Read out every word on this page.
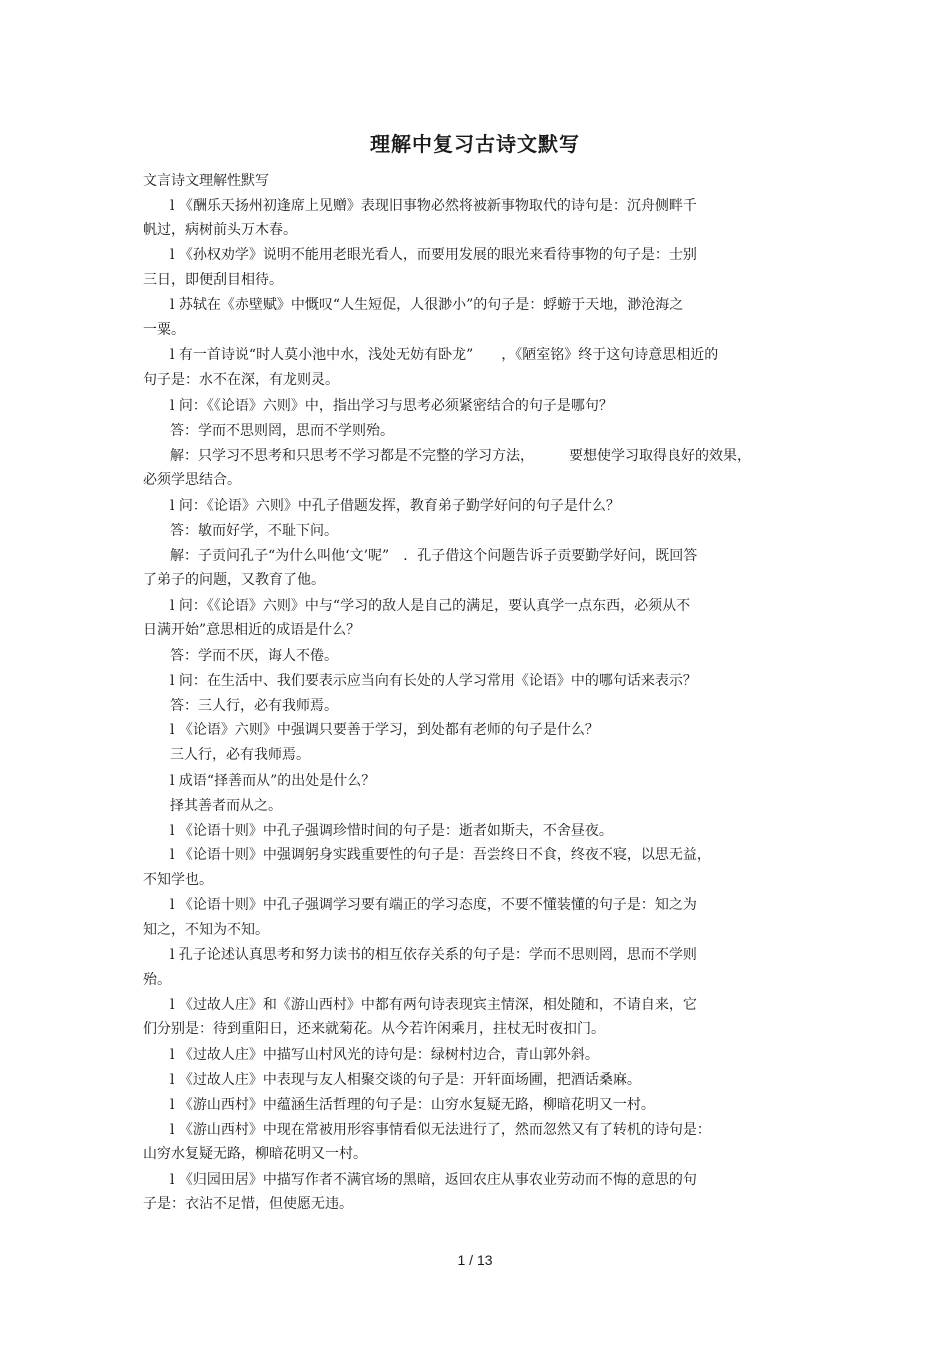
理解中复习古诗文默写
文言诗文理解性默写
l 《酬乐天扬州初逢席上见赠》表现旧事物必然将被新事物取代的诗句是：沉舟侧畔千
帆过，病树前头万木春。
l 《孙权劝学》说明不能用老眼光看人，而要用发展的眼光来看待事物的句子是：士别
三日，即便刮目相待。
l 苏轼在《赤壁赋》中慨叹“人生短促，人很渺小”的句子是：蜉蝣于天地，渺沧海之
一粟。
l 有一首诗说“时人莫小池中水，浅处无妨有卧龙”　　，《陋室铭》终于这句诗意思相近的
句子是：水不在深，有龙则灵。
l 问：《《论语》六则》中，指出学习与思考必须紧密结合的句子是哪句？
答：学而不思则罔，思而不学则殆。
解：只学习不思考和只思考不学习都是不完整的学习方法，　　　要想使学习取得良好的效果，
必须学思结合。
l 问：《论语》六则》中孔子借题发挥，教育弟子勤学好问的句子是什么？
答：敏而好学，不耻下问。
解：子贡问孔子“为什么叫他‘文’呢”　．孔子借这个问题告诉子贡要勤学好问，既回答
了弟子的问题，又教育了他。
l 问：《《论语》六则》中与“学习的敌人是自己的满足，要认真学一点东西，必须从不
日满开始”意思相近的成语是什么？
答：学而不厌，诲人不倦。
l 问：在生活中、我们要表示应当向有长处的人学习常用《论语》中的哪句话来表示？
答：三人行，必有我师焉。
l 《论语》六则》中强调只要善于学习，到处都有老师的句子是什么？
三人行，必有我师焉。
l 成语“择善而从”的出处是什么？
择其善者而从之。
l 《论语十则》中孔子强调珍惜时间的句子是：逝者如斯夫，不舍昼夜。
l 《论语十则》中强调躬身实践重要性的句子是：吾尝终日不食，终夜不寝，以思无益，
不知学也。
l 《论语十则》中孔子强调学习要有端正的学习态度，不要不懂装懂的句子是：知之为
知之，不知为不知。
l 孔子论述认真思考和努力读书的相互依存关系的句子是：学而不思则罔，思而不学则
殆。
l 《过故人庄》和《游山西村》中都有两句诗表现宾主情深，相处随和，不请自来，它
们分别是：待到重阳日，还来就菊花。从今若许闲乘月，拄杖无时夜扣门。
l 《过故人庄》中描写山村风光的诗句是：绿树村边合，青山郭外斜。
l 《过故人庄》中表现与友人相聚交谈的句子是：开轩面场圃，把酒话桑麻。
l 《游山西村》中蕴涵生活哲理的句子是：山穷水复疑无路，柳暗花明又一村。
l 《游山西村》中现在常被用形容事情看似无法进行了，然而忽然又有了转机的诗句是：
山穷水复疑无路，柳暗花明又一村。
l 《归园田居》中描写作者不满官场的黑暗，返回农庄从事农业劳动而不悔的意思的句
子是：衣沾不足惜，但使愿无违。
1 / 13
